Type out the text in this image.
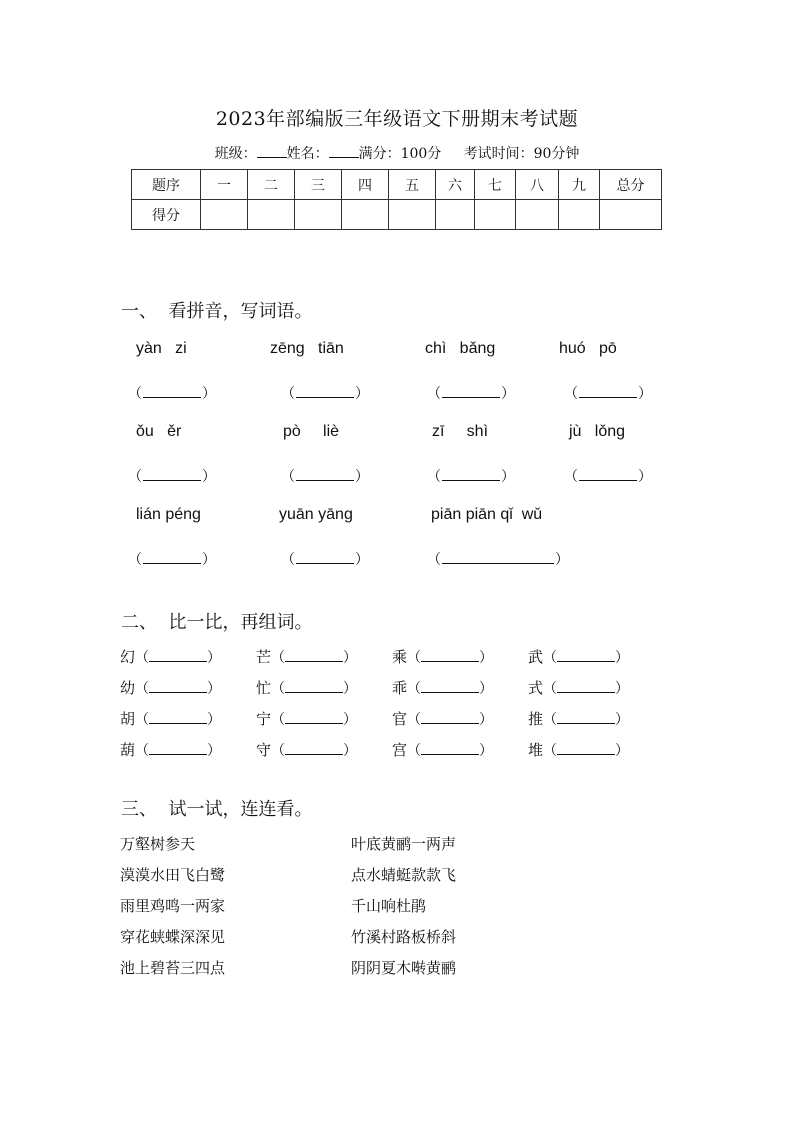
2023年部编版三年级语文下册期末考试题
班级： 姓名： 满分：100分 考试时间：90分钟
题序	一	二	三	四	五	六	七	八	九	总分
得分										
一、  看拼音，写词语。
yàn   zi	zēng   tiān	chì   bǎng	huó   pō
（	）	（	）	（	）	（	）
ǒu   ěr	pò     liè	zī     shì	jù   lǒng
（	）	（	）	（	）	（	）
lián péng	yuān yāng	piān piān qǐ  wǔ
（	）	（	）	（	）
二、  比一比，再组词。
幻（	） 芒（	） 乘（	） 武（	）
幼（	） 忙（	） 乖（	） 式（	）
胡（	） 宁（	） 官（	） 推（	）
葫（	） 守（	） 宫（	） 堆（	）
三、  试一试，连连看。
万壑树参天
漠漠水田飞白鹭
雨里鸡鸣一两家
穿花蛱蝶深深见
池上碧苔三四点
叶底黄鹂一两声
点水蜻蜓款款飞
千山响杜鹃
竹溪村路板桥斜
阴阴夏木啭黄鹂
